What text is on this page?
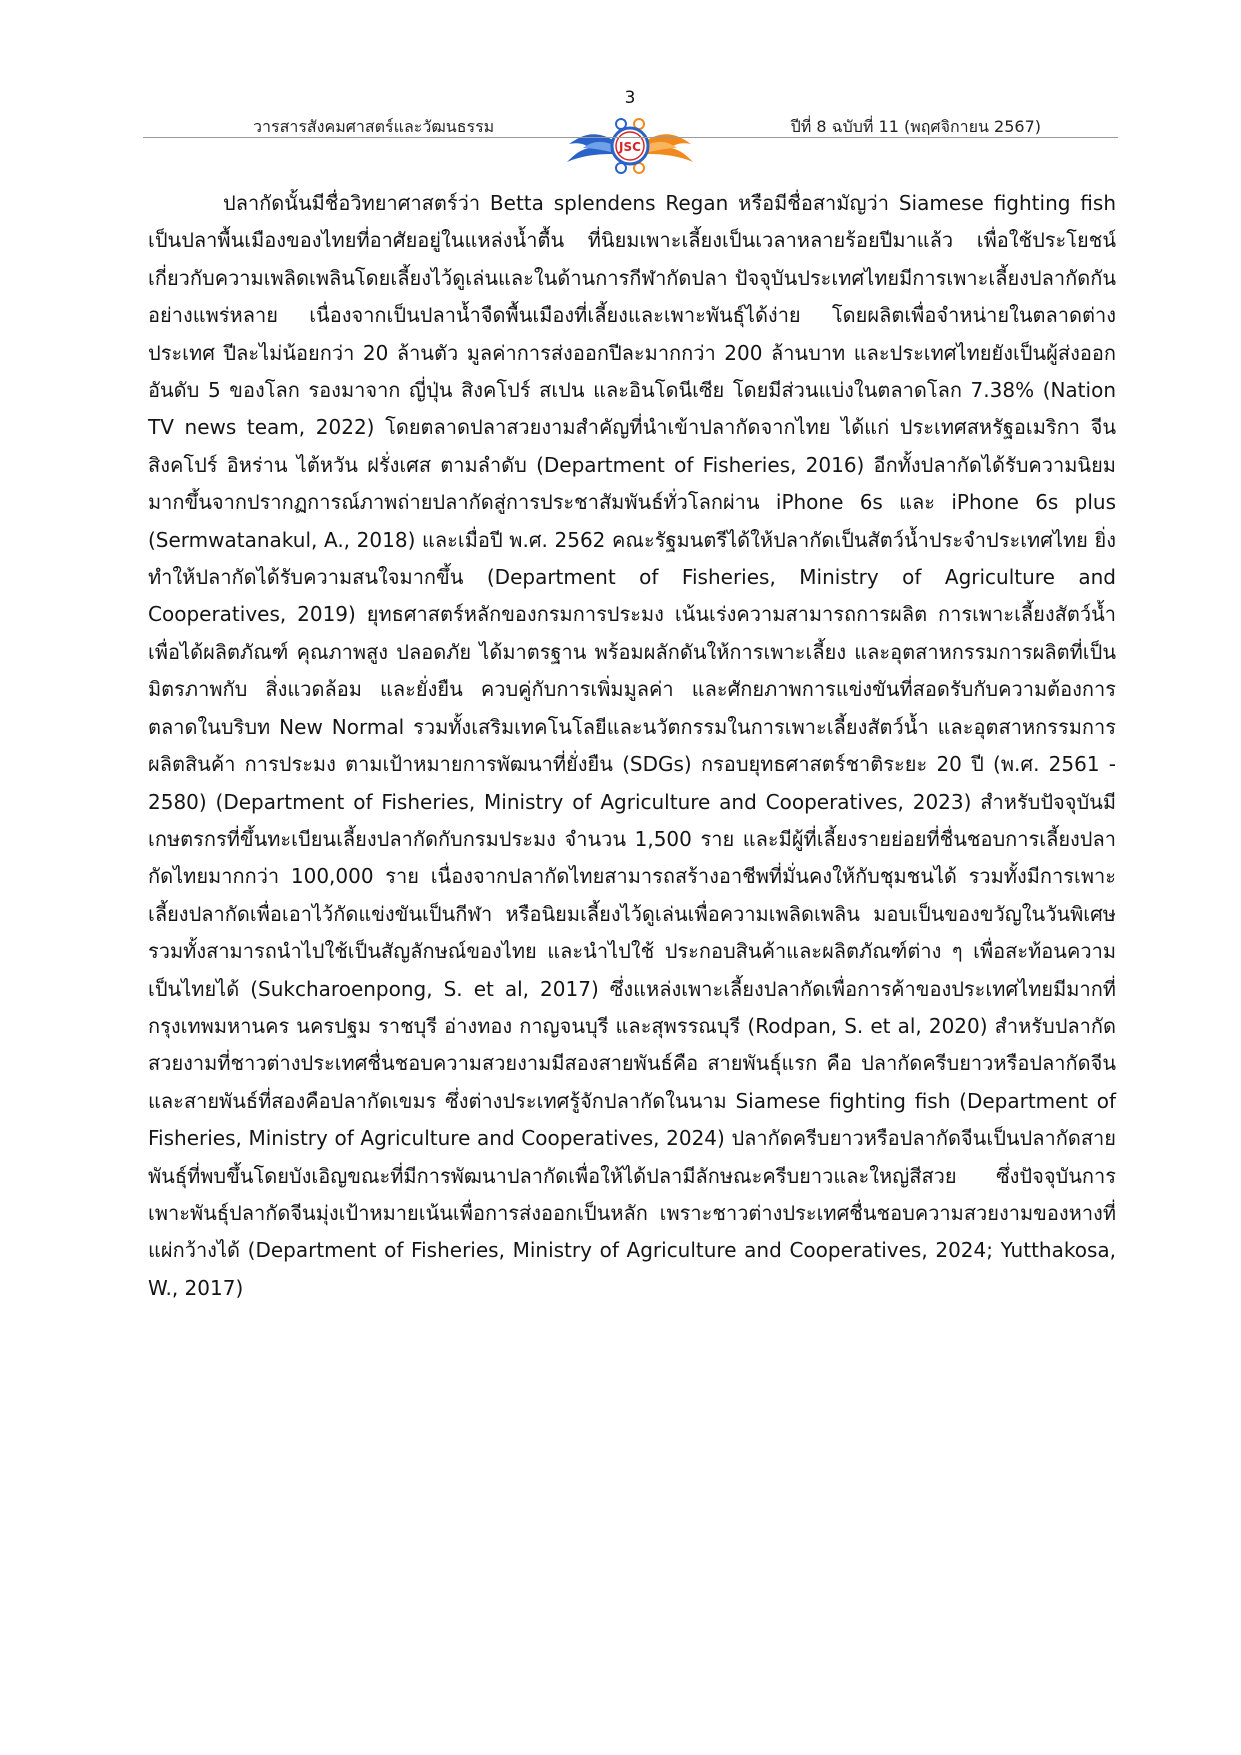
3
วารสารสังคมศาสตร์และวัฒนธรรม
JSC
ปีที่ 8 ฉบับที่ 11 (พฤศจิกายน 2567)

ปลากัดนั้นมีชื่อวิทยาศาสตร์ว่า Betta splendens Regan หรือมีชื่อสามัญว่า Siamese fighting fish เป็นปลาพื้นเมืองของไทยที่อาศัยอยู่ในแหล่งน้ำตื้น ที่นิยมเพาะเลี้ยงเป็นเวลาหลายร้อยปีมาแล้ว เพื่อใช้ประโยชน์เกี่ยวกับความเพลิดเพลินโดยเลี้ยงไว้ดูเล่นและในด้านการกีฬากัดปลา ปัจจุบันประเทศไทยมีการเพาะเลี้ยงปลากัดกันอย่างแพร่หลาย เนื่องจากเป็นปลาน้ำจืดพื้นเมืองที่เลี้ยงและเพาะพันธุ์ได้ง่าย โดยผลิตเพื่อจำหน่ายในตลาดต่างประเทศ ปีละไม่น้อยกว่า 20 ล้านตัว มูลค่าการส่งออกปีละมากกว่า 200 ล้านบาท และประเทศไทยยังเป็นผู้ส่งออกอันดับ 5 ของโลก รองมาจาก ญี่ปุ่น สิงคโปร์ สเปน และอินโดนีเซีย โดยมีส่วนแบ่งในตลาดโลก 7.38% (Nation TV news team, 2022) โดยตลาดปลาสวยงามสำคัญที่นำเข้าปลากัดจากไทย ได้แก่ ประเทศสหรัฐอเมริกา จีน สิงคโปร์ อิหร่าน ไต้หวัน ฝรั่งเศส ตามลำดับ (Department of Fisheries, 2016) อีกทั้งปลากัดได้รับความนิยมมากขึ้นจากปรากฏการณ์ภาพถ่ายปลากัดสู่การประชาสัมพันธ์ทั่วโลกผ่าน iPhone 6s และ iPhone 6s plus (Sermwatanakul, A., 2018) และเมื่อปี พ.ศ. 2562 คณะรัฐมนตรีได้ให้ปลากัดเป็นสัตว์น้ำประจำประเทศไทย ยิ่งทำให้ปลากัดได้รับความสนใจมากขึ้น (Department of Fisheries, Ministry of Agriculture and Cooperatives, 2019) ยุทธศาสตร์หลักของกรมการประมง เน้นเร่งความสามารถการผลิต การเพาะเลี้ยงสัตว์น้ำ เพื่อได้ผลิตภัณฑ์ คุณภาพสูง ปลอดภัย ได้มาตรฐาน พร้อมผลักดันให้การเพาะเลี้ยง และอุตสาหกรรมการผลิตที่เป็นมิตรภาพกับ สิ่งแวดล้อม และยั่งยืน ควบคู่กับการเพิ่มมูลค่า และศักยภาพการแข่งขันที่สอดรับกับความต้องการตลาดในบริบท New Normal รวมทั้งเสริมเทคโนโลยีและนวัตกรรมในการเพาะเลี้ยงสัตว์น้ำ และอุตสาหกรรมการผลิตสินค้า การประมง ตามเป้าหมายการพัฒนาที่ยั่งยืน (SDGs) กรอบยุทธศาสตร์ชาติระยะ 20 ปี (พ.ศ. 2561 - 2580) (Department of Fisheries, Ministry of Agriculture and Cooperatives, 2023) สำหรับปัจจุบันมีเกษตรกรที่ขึ้นทะเบียนเลี้ยงปลากัดกับกรมประมง จำนวน 1,500 ราย และมีผู้ที่เลี้ยงรายย่อยที่ชื่นชอบการเลี้ยงปลากัดไทยมากกว่า 100,000 ราย เนื่องจากปลากัดไทยสามารถสร้างอาชีพที่มั่นคงให้กับชุมชนได้ รวมทั้งมีการเพาะเลี้ยงปลากัดเพื่อเอาไว้กัดแข่งขันเป็นกีฬา หรือนิยมเลี้ยงไว้ดูเล่นเพื่อความเพลิดเพลิน มอบเป็นของขวัญในวันพิเศษ รวมทั้งสามารถนำไปใช้เป็นสัญลักษณ์ของไทย และนำไปใช้ ประกอบสินค้าและผลิตภัณฑ์ต่าง ๆ เพื่อสะท้อนความเป็นไทยได้ (Sukcharoenpong, S. et al, 2017) ซึ่งแหล่งเพาะเลี้ยงปลากัดเพื่อการค้าของประเทศไทยมีมากที่กรุงเทพมหานคร นครปฐม ราชบุรี อ่างทอง กาญจนบุรี และสุพรรณบุรี (Rodpan, S. et al, 2020) สำหรับปลากัดสวยงามที่ชาวต่างประเทศชื่นชอบความสวยงามมีสองสายพันธ์คือ สายพันธุ์แรก คือ ปลากัดครีบยาวหรือปลากัดจีน และสายพันธ์ที่สองคือปลากัดเขมร ซึ่งต่างประเทศรู้จักปลากัดในนาม Siamese fighting fish (Department of Fisheries, Ministry of Agriculture and Cooperatives, 2024) ปลากัดครีบยาวหรือปลากัดจีนเป็นปลากัดสายพันธุ์ที่พบขึ้นโดยบังเอิญขณะที่มีการพัฒนาปลากัดเพื่อให้ได้ปลามีลักษณะครีบยาวและใหญ่สีสวย ซึ่งปัจจุบันการเพาะพันธุ์ปลากัดจีนมุ่งเป้าหมายเน้นเพื่อการส่งออกเป็นหลัก เพราะชาวต่างประเทศชื่นชอบความสวยงามของหางที่แผ่กว้างได้ (Department of Fisheries, Ministry of Agriculture and Cooperatives, 2024; Yutthakosa, W., 2017)
